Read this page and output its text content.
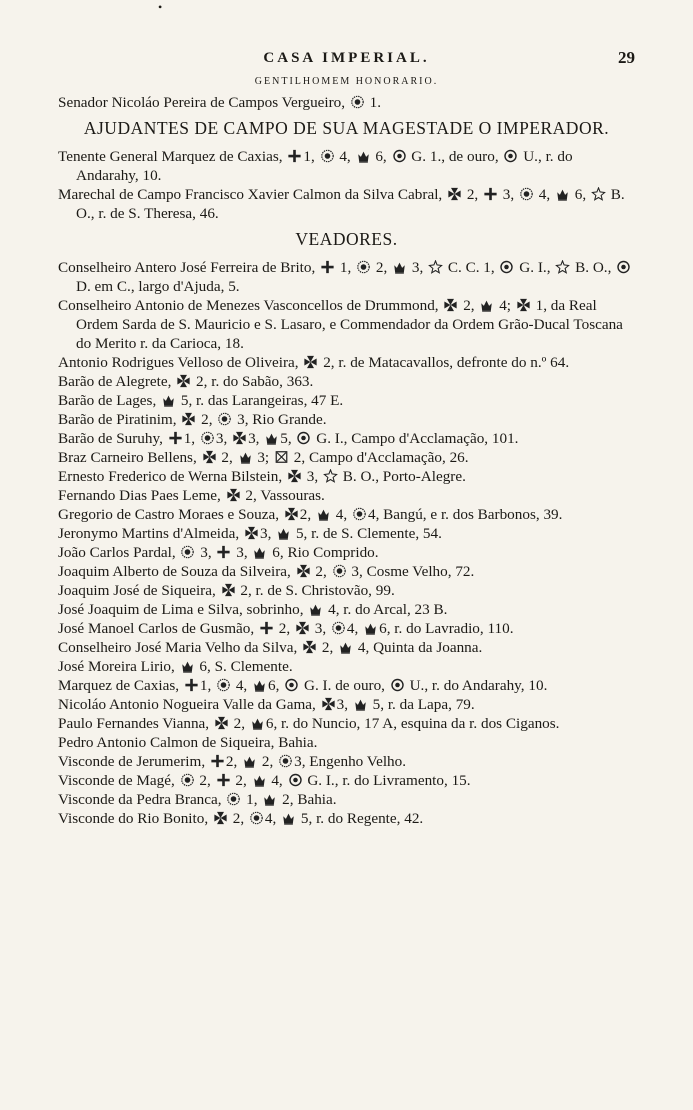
•
CASA IMPERIAL.	29
GENTILHOMEM HONORARIO.

Senador Nicoláo Pereira de Campos Vergueiro,
1.

AJUDANTES DE CAMPO DE SUA MAGESTADE O IMPERADOR.

Tenente General Marquez de Caxias,
1,
4,
6,
G. 1., de ouro,
U., r. do Andarahy, 10.

Marechal de Campo Francisco Xavier Calmon da Silva Cabral,
2,
3,
4,
6,
B. O., r. de S. Theresa, 46.

VEADORES.

Conselheiro Antero José Ferreira de Brito,
1,
2,
3,
C. C. 1,
G. I.,
B. O.,
D. em C., largo d'Ajuda, 5.

Conselheiro Antonio de Menezes Vasconcellos de Drummond,
2,
4;
1, da Real Ordem Sarda de S. Mauricio e S. Lasaro, e Commendador da Ordem Grão-Ducal Toscana do Merito r. da Carioca, 18.

Antonio Rodrigues Velloso de Oliveira,
2, r. de Matacavallos, defronte do n.º 64.

Barão de Alegrete,
2, r. do Sabão, 363.

Barão de Lages,
5, r. das Larangeiras, 47 E.

Barão de Piratinim,
2,
3, Rio Grande.

Barão de Suruhy,
1,
3,
3,
5,
G. I., Campo d'Acclamação, 101.

Braz Carneiro Bellens,
2,
3;
2, Campo d'Acclamação, 26.

Ernesto Frederico de Werna Bilstein,
3,
B. O., Porto-Alegre.

Fernando Dias Paes Leme,
2, Vassouras.

Gregorio de Castro Moraes e Souza,
2,
4,
4, Bangú, e r. dos Barbonos, 39.

Jeronymo Martins d'Almeida,
3,
5, r. de S. Clemente, 54.

João Carlos Pardal,
3,
3,
6, Rio Comprido.

Joaquim Alberto de Souza da Silveira,
2,
3, Cosme Velho, 72.

Joaquim José de Siqueira,
2, r. de S. Christovão, 99.

José Joaquim de Lima e Silva, sobrinho,
4, r. do Arcal, 23 B.

José Manoel Carlos de Gusmão,
2,
3,
4,
6, r. do Lavradio, 110.

Conselheiro José Maria Velho da Silva,
2,
4, Quinta da Joanna.

José Moreira Lirio,
6, S. Clemente.

Marquez de Caxias,
1,
4,
6,
G. I. de ouro,
U., r. do Andarahy, 10.

Nicoláo Antonio Nogueira Valle da Gama,
3,
5, r. da Lapa, 79.

Paulo Fernandes Vianna,
2,
6, r. do Nuncio, 17 A, esquina da r. dos Ciganos.

Pedro Antonio Calmon de Siqueira, Bahia.

Visconde de Jerumerim,
2,
2,
3, Engenho Velho.

Visconde de Magé,
2,
2,
4,
G. I., r. do Livramento, 15.

Visconde da Pedra Branca,
1,
2, Bahia.

Visconde do Rio Bonito,
2,
4,
5, r. do Regente, 42.
